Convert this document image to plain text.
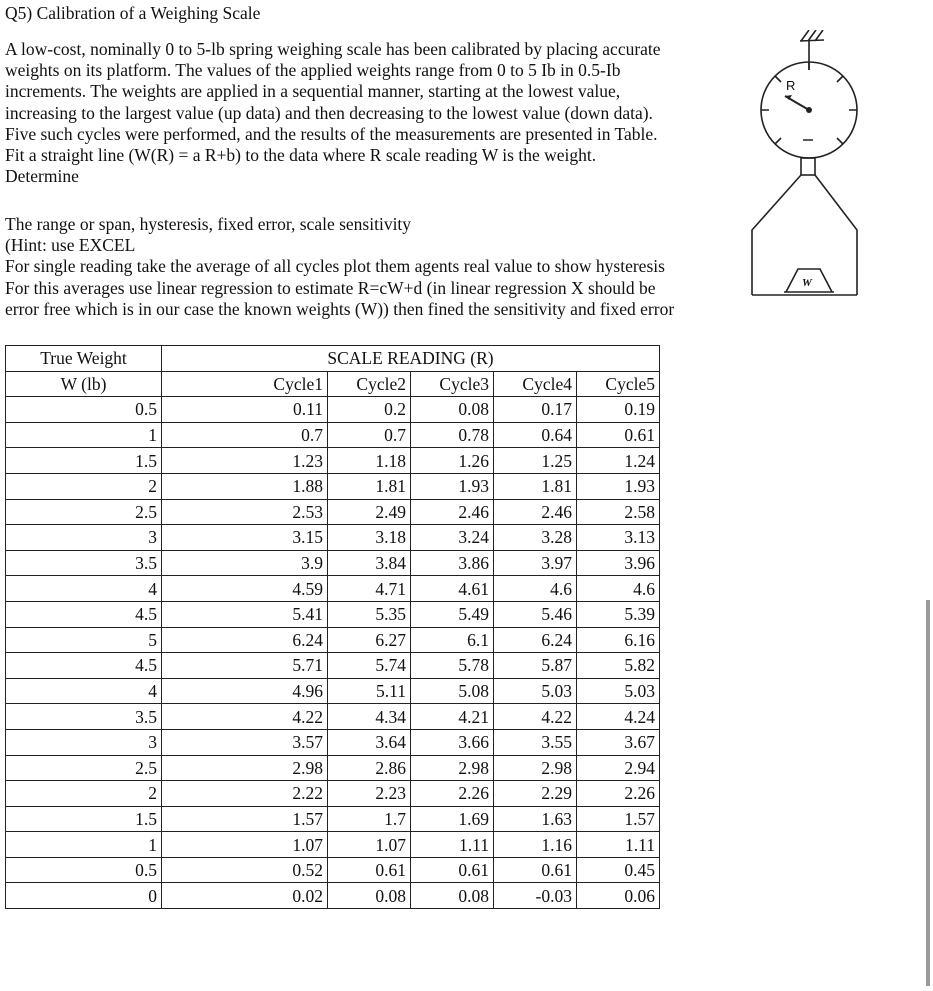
Q5) Calibration of a Weighing Scale
A low-cost, nominally 0 to 5-lb spring weighing scale has been calibrated by placing accurate
weights on its platform. The values of the applied weights range from 0 to 5 Ib in 0.5-Ib
increments. The weights are applied in a sequential manner, starting at the lowest value,
increasing to the largest value (up data) and then decreasing to the lowest value (down data).
Five such cycles were performed, and the results of the measurements are presented in Table.
Fit a straight line (W(R) = a R+b) to the data where R scale reading W is the weight.
Determine
The range or span, hysteresis, fixed error, scale sensitivity
(Hint: use EXCEL
For single reading take the average of all cycles plot them agents real value to show hysteresis
For this averages use linear regression to estimate R=cW+d (in linear regression X should be
error free which is in our case the known weights (W)) then fined the sensitivity and fixed error
R
W
True Weight	SCALE READING (R)				
W (lb)	Cycle1	Cycle2	Cycle3	Cycle4	Cycle5
0.5	0.11	0.2	0.08	0.17	0.19
1	0.7	0.7	0.78	0.64	0.61
1.5	1.23	1.18	1.26	1.25	1.24
2	1.88	1.81	1.93	1.81	1.93
2.5	2.53	2.49	2.46	2.46	2.58
3	3.15	3.18	3.24	3.28	3.13
3.5	3.9	3.84	3.86	3.97	3.96
4	4.59	4.71	4.61	4.6	4.6
4.5	5.41	5.35	5.49	5.46	5.39
5	6.24	6.27	6.1	6.24	6.16
4.5	5.71	5.74	5.78	5.87	5.82
4	4.96	5.11	5.08	5.03	5.03
3.5	4.22	4.34	4.21	4.22	4.24
3	3.57	3.64	3.66	3.55	3.67
2.5	2.98	2.86	2.98	2.98	2.94
2	2.22	2.23	2.26	2.29	2.26
1.5	1.57	1.7	1.69	1.63	1.57
1	1.07	1.07	1.11	1.16	1.11
0.5	0.52	0.61	0.61	0.61	0.45
0	0.02	0.08	0.08	-0.03	0.06
